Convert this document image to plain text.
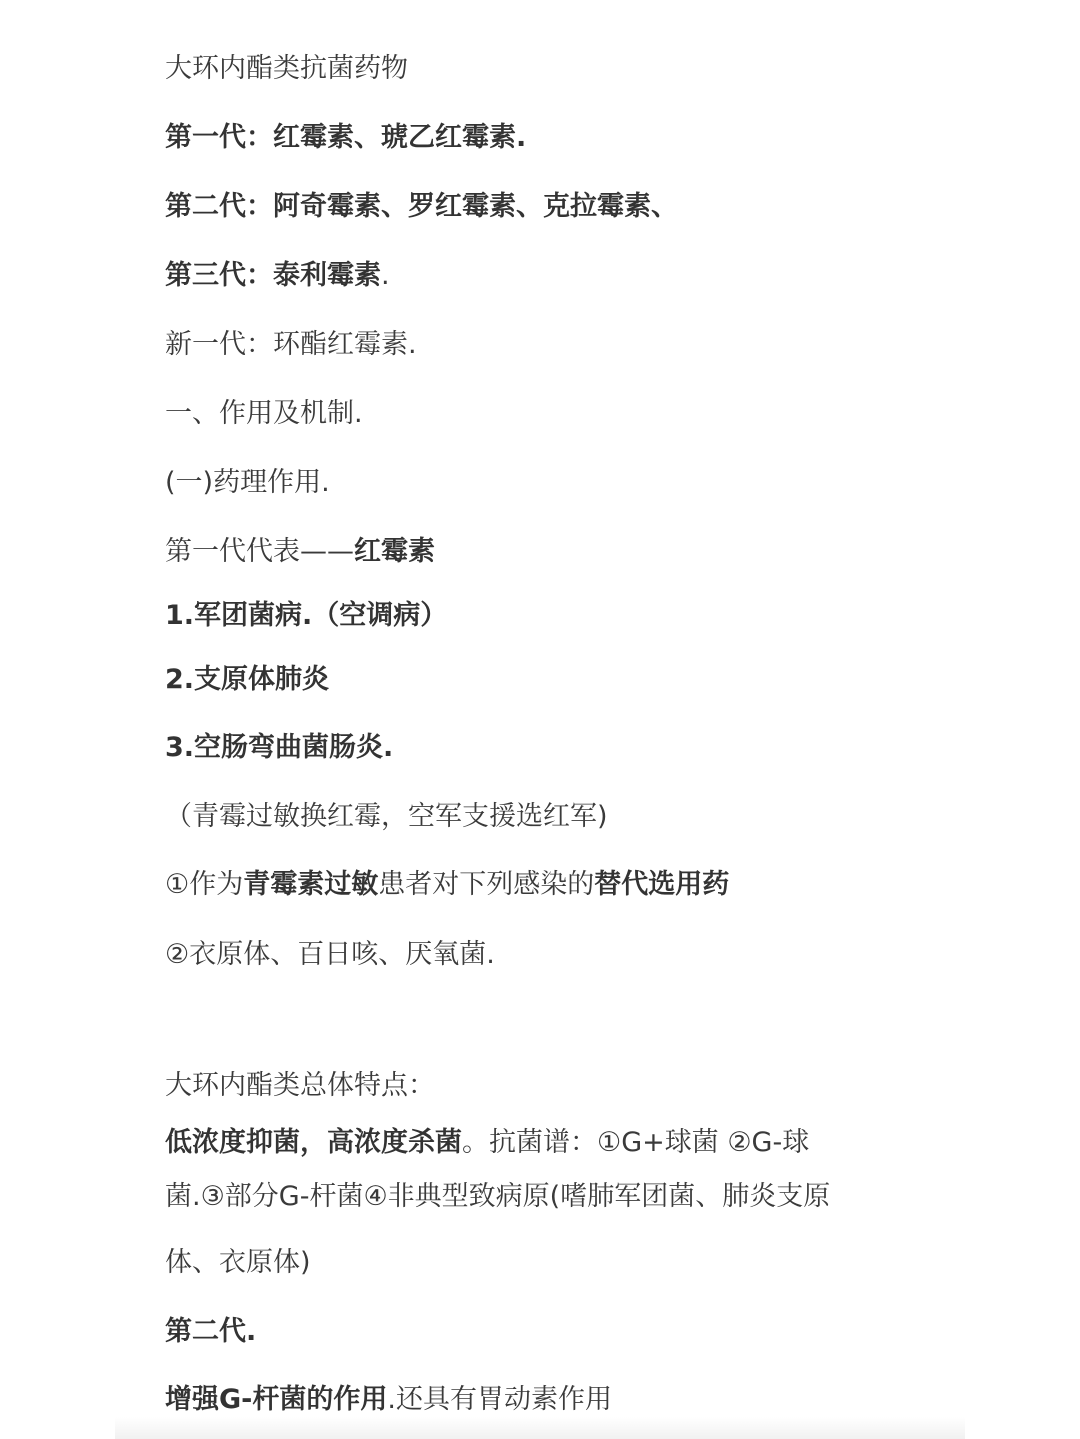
大环内酯类抗菌药物
第一代：红霉素、琥乙红霉素.
第二代：阿奇霉素、罗红霉素、克拉霉素、
第三代：泰利霉素.
新一代：环酯红霉素.
一、作用及机制.
(一)药理作用.
第一代代表——红霉素
1.军团菌病.（空调病）
2.支原体肺炎
3.空肠弯曲菌肠炎.
（青霉过敏换红霉，空军支援选红军)
①作为青霉素过敏患者对下列感染的替代选用药
②衣原体、百日咳、厌氧菌.
大环内酯类总体特点：
低浓度抑菌，高浓度杀菌。抗菌谱：①G+球菌 ②G-球
菌.③部分G-杆菌④非典型致病原(嗜肺军团菌、肺炎支原
体、衣原体)
第二代.
增强G-杆菌的作用.还具有胃动素作用
